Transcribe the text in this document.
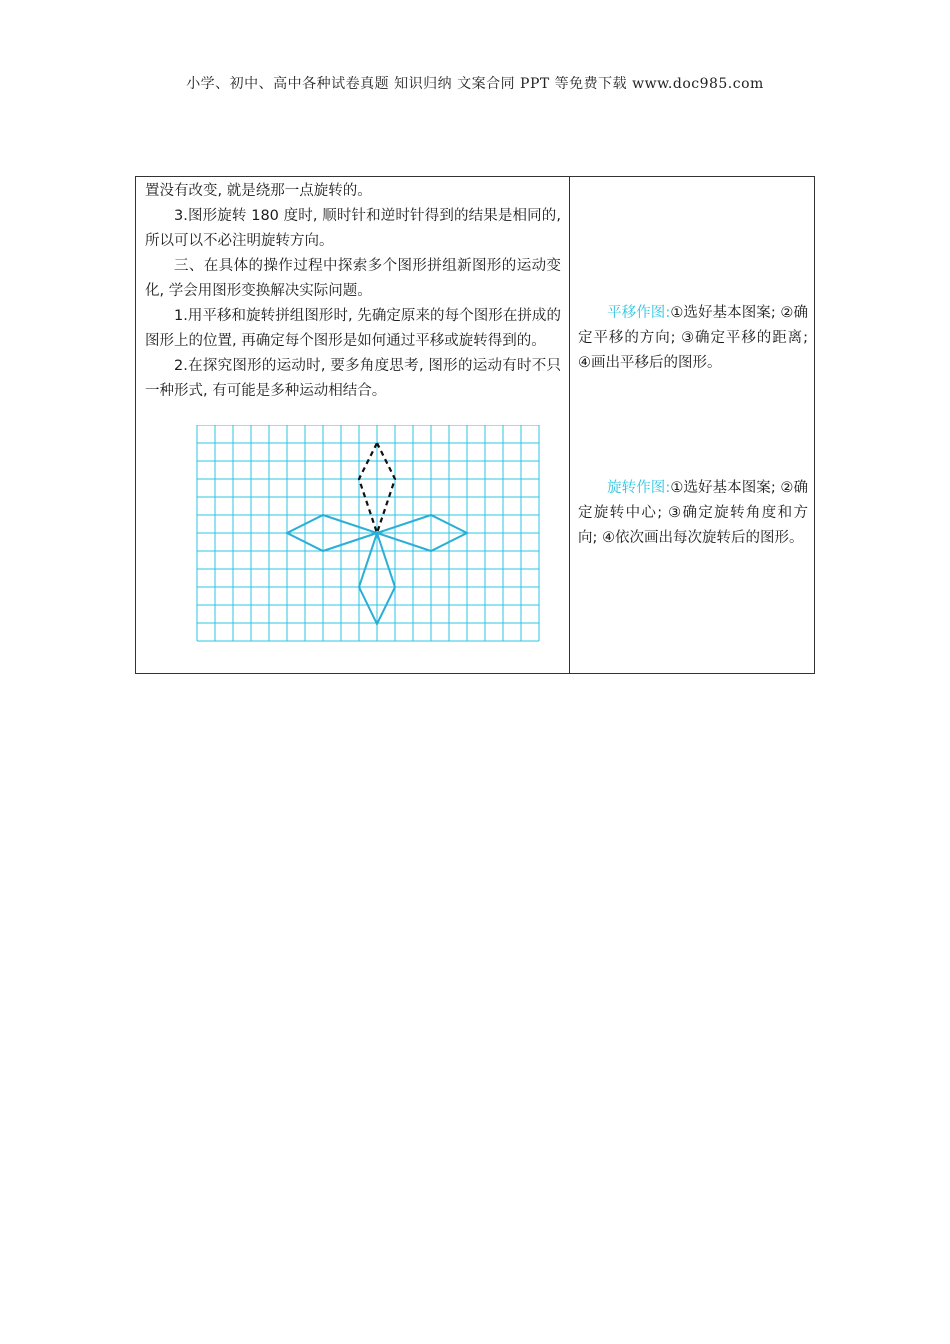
小学、初中、高中各种试卷真题 知识归纳 文案合同 PPT 等免费下载 www.doc985.com

置没有改变, 就是绕那一点旋转的。

3.图形旋转 180 度时, 顺时针和逆时针得到的结果是相同的, 所以可以不必注明旋转方向。

三、在具体的操作过程中探索多个图形拼组新图形的运动变化, 学会用图形变换解决实际问题。

1.用平移和旋转拼组图形时, 先确定原来的每个图形在拼成的图形上的位置, 再确定每个图形是如何通过平移或旋转得到的。

2.在探究图形的运动时, 要多角度思考, 图形的运动有时不只一种形式, 有可能是多种运动相结合。

平移作图:①选好基本图案; ②确定平移的方向; ③确定平移的距离; ④画出平移后的图形。
旋转作图:①选好基本图案; ②确定旋转中心; ③确定旋转角度和方向; ④依次画出每次旋转后的图形。
